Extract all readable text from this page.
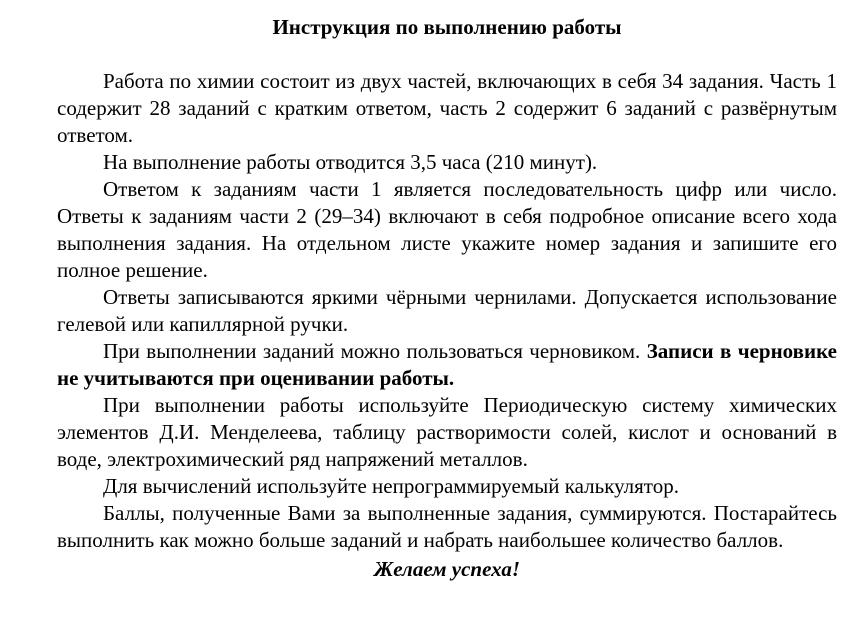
Инструкция по выполнению работы

Работа по химии состоит из двух частей, включающих в себя 34 задания. Часть 1 содержит 28 заданий с кратким ответом, часть 2 содержит 6 заданий с развёрнутым ответом.

На выполнение работы отводится 3,5 часа (210 минут).

Ответом к заданиям части 1 является последовательность цифр или число. Ответы к заданиям части 2 (29–34) включают в себя подробное описание всего хода выполнения задания. На отдельном листе укажите номер задания и запишите его полное решение.

Ответы записываются яркими чёрными чернилами. Допускается использование гелевой или капиллярной ручки.

При выполнении заданий можно пользоваться черновиком. Записи в черновике не учитываются при оценивании работы.

При выполнении работы используйте Периодическую систему химических элементов Д.И. Менделеева, таблицу растворимости солей, кислот и оснований в воде, электрохимический ряд напряжений металлов.

Для вычислений используйте непрограммируемый калькулятор.

Баллы, полученные Вами за выполненные задания, суммируются. Постарайтесь выполнить как можно больше заданий и набрать наибольшее количество баллов.

Желаем успеха!
